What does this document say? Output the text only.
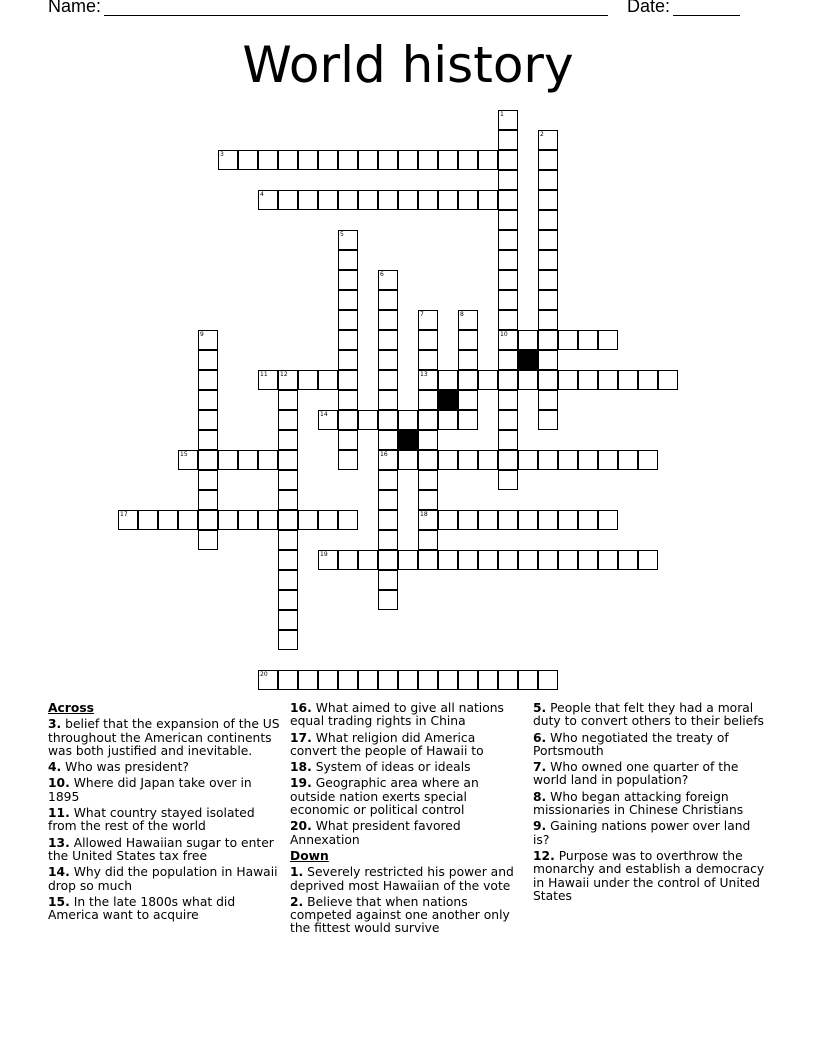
Name:	Date:
World history
1
10
2
3
4
5
6
16
7
13
18
8
9
11 12
14
15
17
19
20
Across
3. belief that the expansion of the US throughout the American continents was both justified and inevitable.
4. Who was president?
10. Where did Japan take over in 1895
11. What country stayed isolated from the rest of the world
13. Allowed Hawaiian sugar to enter the United States tax free
14. Why did the population in Hawaii drop so much
15. In the late 1800s what did America want to acquire
16. What aimed to give all nations equal trading rights in China
17. What religion did America convert the people of Hawaii to
18. System of ideas or ideals
19. Geographic area where an outside nation exerts special economic or political control
20. What president favored Annexation
Down
1. Severely restricted his power and deprived most Hawaiian of the vote
2. Believe that when nations competed against one another only the fittest would survive
5. People that felt they had a moral duty to convert others to their beliefs
6. Who negotiated the treaty of Portsmouth
7. Who owned one quarter of the world land in population?
8. Who began attacking foreign missionaries in Chinese Christians
9. Gaining nations power over land is?
12. Purpose was to overthrow the monarchy and establish a democracy in Hawaii under the control of United States
